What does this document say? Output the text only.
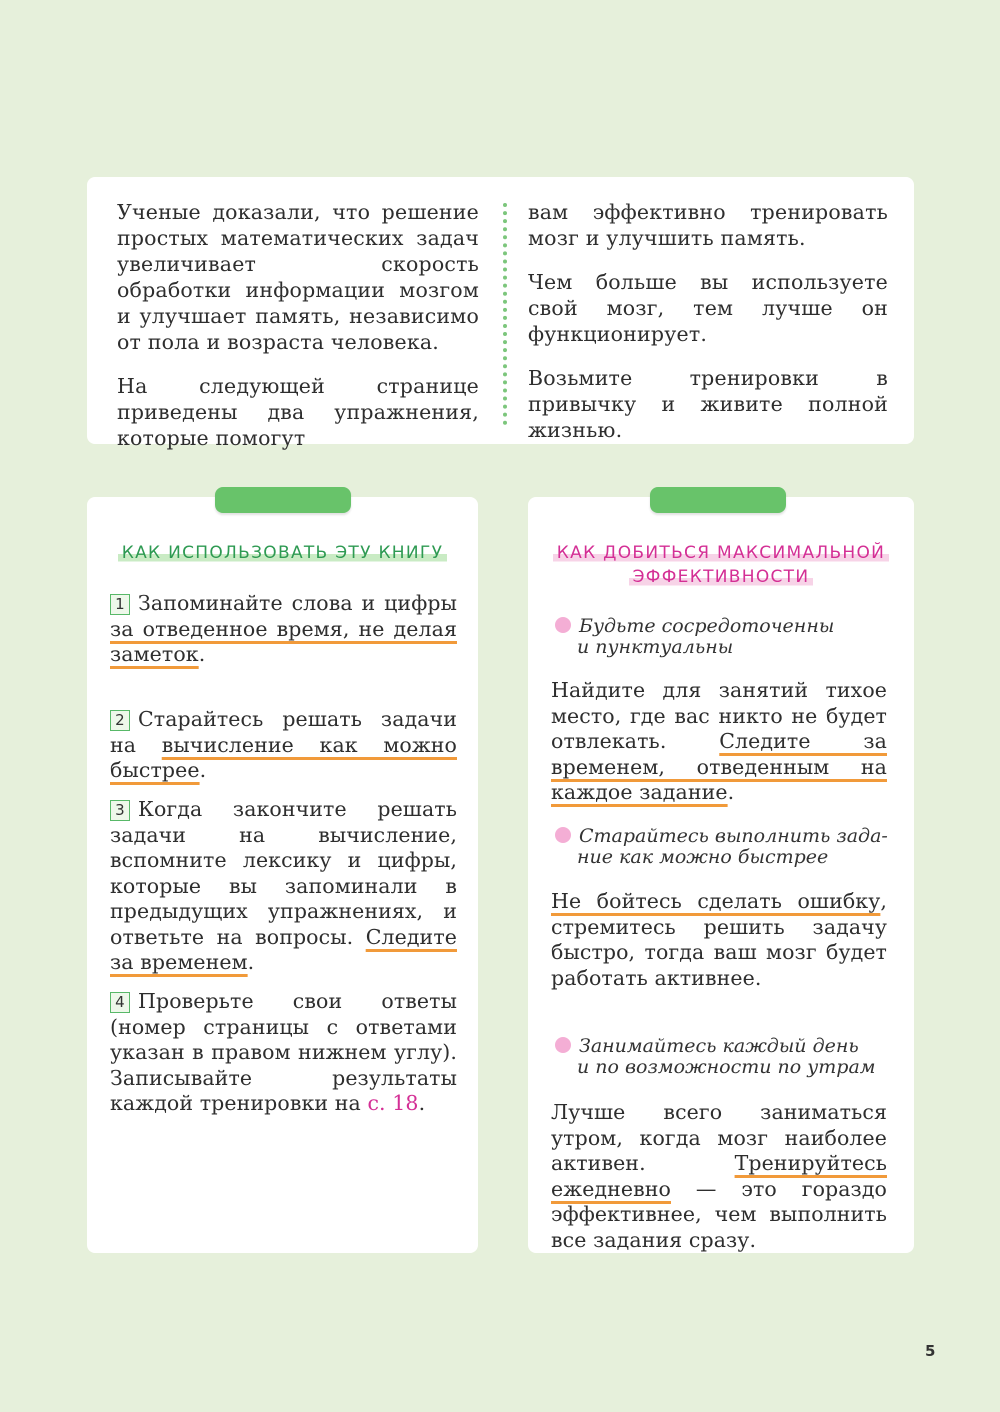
Ученые доказали, что решение простых математических задач увеличивает скорость обработки информации мозгом и улучшает память, независимо от пола и возраста человека.

На следующей странице приведены два упражнения, которые помогут

вам эффективно тренировать мозг и улучшить память.

Чем больше вы используете свой мозг, тем лучше он функционирует.

Возьмите тренировки в привычку и живите полной жизнью.

КАК ИСПОЛЬЗОВАТЬ ЭТУ КНИГУ
1 Запоминайте слова и цифры за отведенное время, не делая заметок.
2 Старайтесь решать задачи на вычисление как можно быстрее.
3 Когда закончите решать задачи на вычисление, вспомните лексику и цифры, которые вы запоминали в предыдущих упражнениях, и ответьте на вопросы. Следите за временем.
4 Проверьте свои ответы (номер страницы с ответами указан в правом нижнем углу). Записывайте результаты каждой тренировки на с. 18.
КАК ДОБИТЬСЯ МАКСИМАЛЬНОЙ
ЭФФЕКТИВНОСТИ
Будьте сосредоточенны
и пунктуальны
Найдите для занятий тихое место, где вас никто не будет отвлекать. Следите за временем, отведенным на каждое задание.
Старайтесь выполнить зада-
ние как можно быстрее
Не бойтесь сделать ошибку, стремитесь решить задачу быстро, тогда ваш мозг будет работать активнее.
Занимайтесь каждый день
и по возможности по утрам
Лучше всего заниматься утром, когда мозг наиболее активен. Тренируйтесь ежедневно — это гораздо эффективнее, чем выполнить все задания сразу.
5
